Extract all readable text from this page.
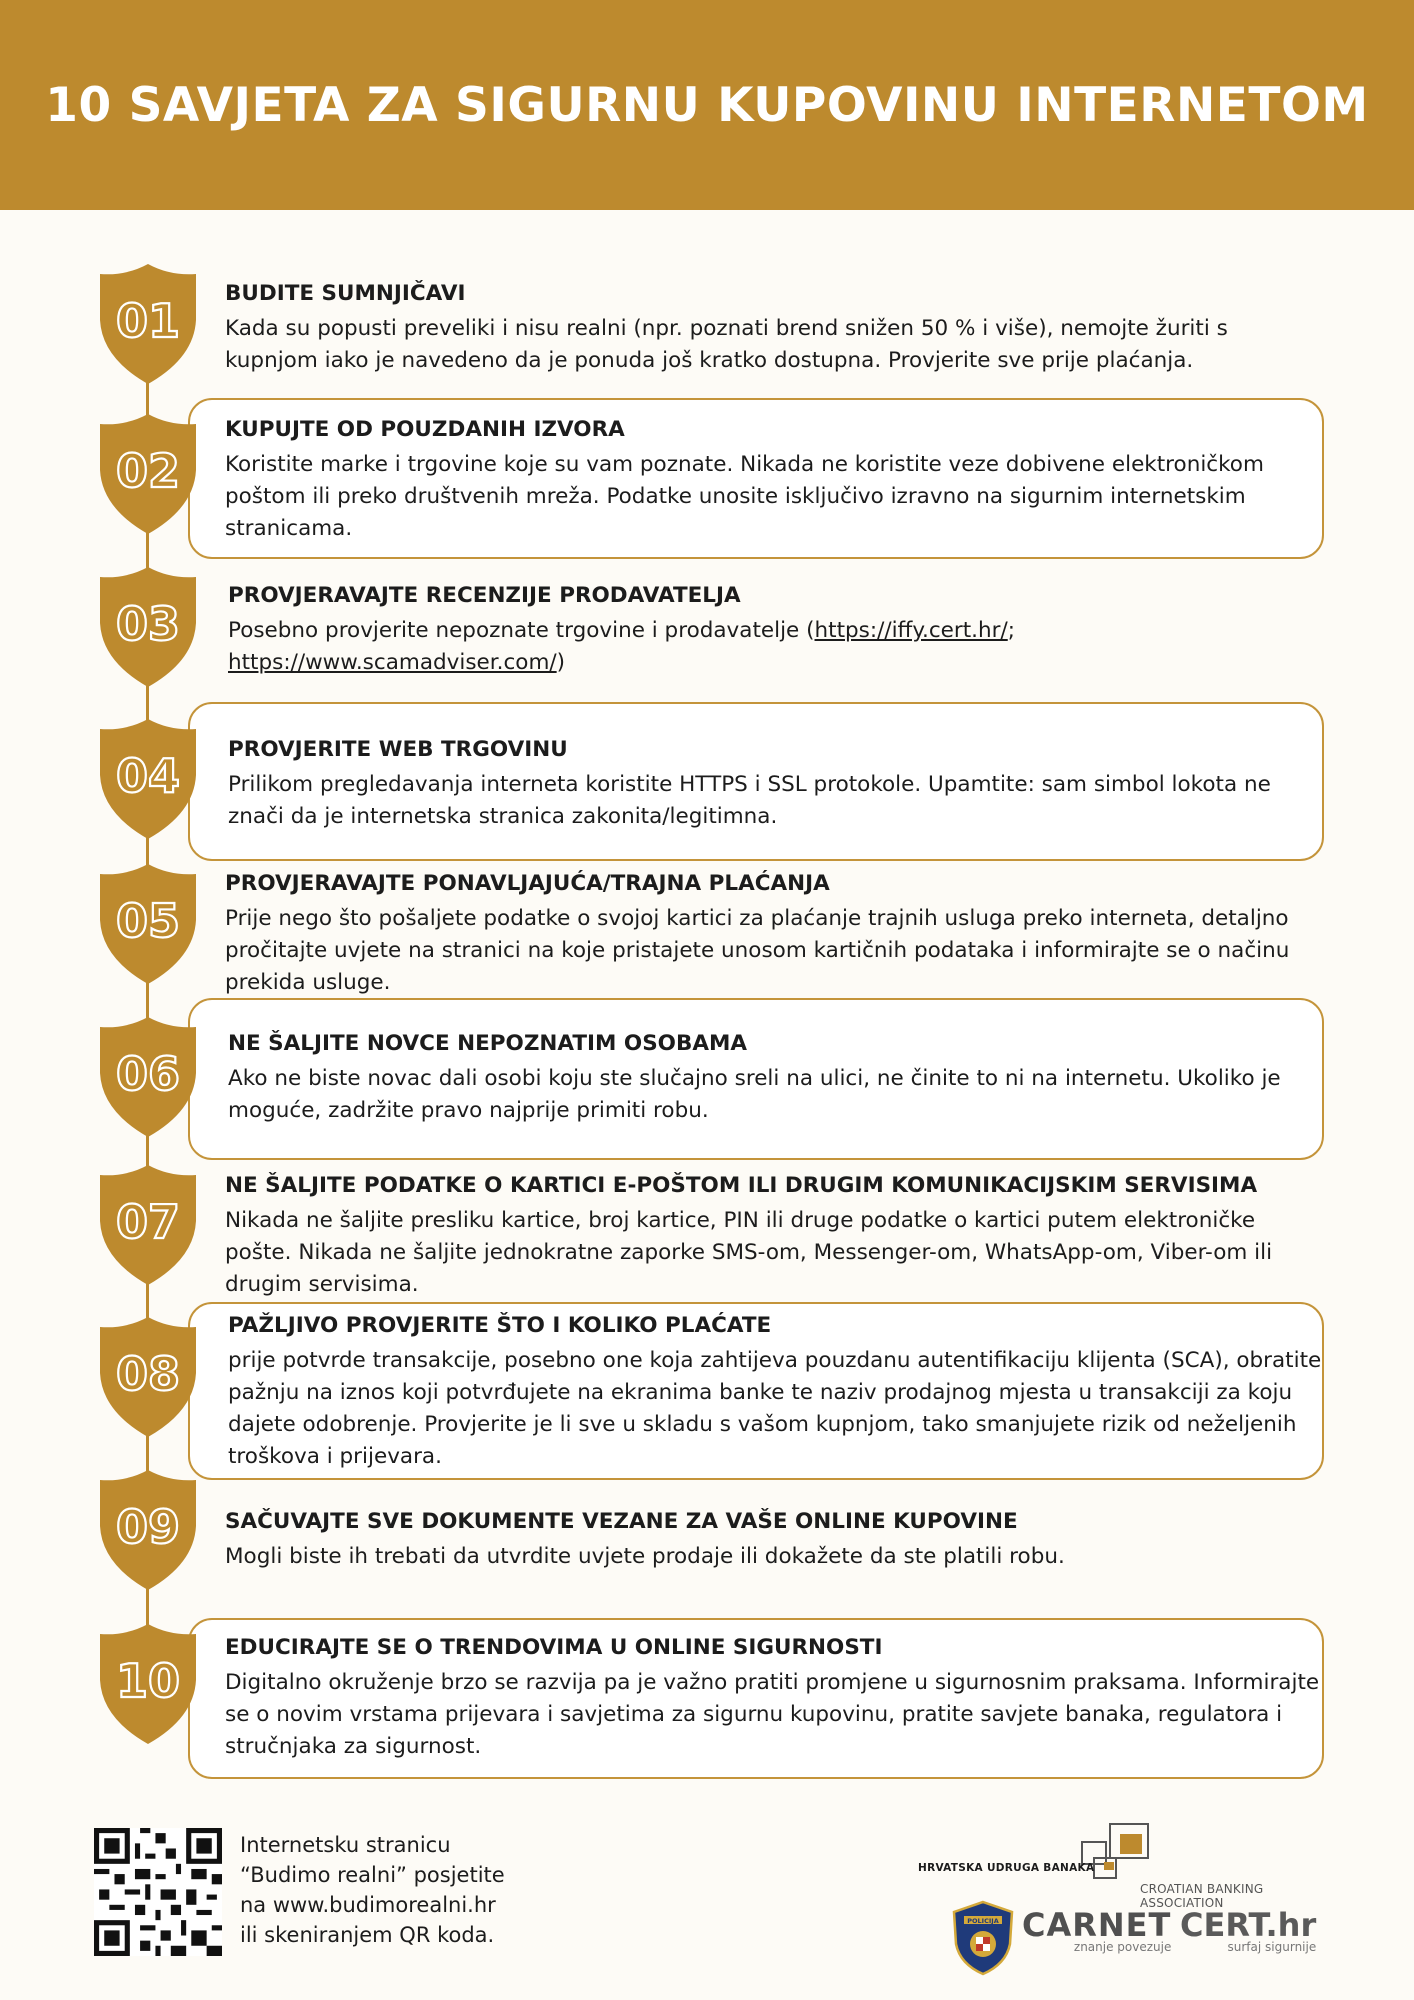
10 SAVJETA ZA SIGURNU KUPOVINU INTERNETOM
01
02
03
04
05
06
07
08
09
10

BUDITE SUMNJIČAVI

Kada su popusti preveliki i nisu realni (npr. poznati brend snižen 50 % i više), nemojte žuriti s kupnjom iako je navedeno da je ponuda još kratko dostupna. Provjerite sve prije plaćanja.

KUPUJTE OD POUZDANIH IZVORA

Koristite marke i trgovine koje su vam poznate. Nikada ne koristite veze dobivene elektroničkom poštom ili preko društvenih mreža. Podatke unosite isključivo izravno na sigurnim internetskim stranicama.

PROVJERAVAJTE RECENZIJE PRODAVATELJA

Posebno provjerite nepoznate trgovine i prodavatelje (https://iffy.cert.hr/;
https://www.scamadviser.com/)

PROVJERITE WEB TRGOVINU

Prilikom pregledavanja interneta koristite HTTPS i SSL protokole. Upamtite: sam simbol lokota ne znači da je internetska stranica zakonita/legitimna.

PROVJERAVAJTE PONAVLJAJUĆA/TRAJNA PLAĆANJA

Prije nego što pošaljete podatke o svojoj kartici za plaćanje trajnih usluga preko interneta, detaljno pročitajte uvjete na stranici na koje pristajete unosom kartičnih podataka i informirajte se o načinu prekida usluge.

NE ŠALJITE NOVCE NEPOZNATIM OSOBAMA

Ako ne biste novac dali osobi koju ste slučajno sreli na ulici, ne činite to ni na internetu. Ukoliko je moguće, zadržite pravo najprije primiti robu.

NE ŠALJITE PODATKE O KARTICI E-POŠTOM ILI DRUGIM KOMUNIKACIJSKIM SERVISIMA

Nikada ne šaljite presliku kartice, broj kartice, PIN ili druge podatke o kartici putem elektroničke pošte. Nikada ne šaljite jednokratne zaporke SMS-om, Messenger-om, WhatsApp-om, Viber-om ili drugim servisima.

PAŽLJIVO PROVJERITE ŠTO I KOLIKO PLAĆATE

prije potvrde transakcije, posebno one koja zahtijeva pouzdanu autentifikaciju klijenta (SCA), obratite pažnju na iznos koji potvrđujete na ekranima banke te naziv prodajnog mjesta u transakciji za koju dajete odobrenje. Provjerite je li sve u skladu s vašom kupnjom, tako smanjujete rizik od neželjenih troškova i prijevara.

SAČUVAJTE SVE DOKUMENTE VEZANE ZA VAŠE ONLINE KUPOVINE

Mogli biste ih trebati da utvrdite uvjete prodaje ili dokažete da ste platili robu.

EDUCIRAJTE SE O TRENDOVIMA U ONLINE SIGURNOSTI

Digitalno okruženje brzo se razvija pa je važno pratiti promjene u sigurnosnim praksama. Informirajte se o novim vrstama prijevara i savjetima za sigurnu kupovinu, pratite savjete banaka, regulatora i stručnjaka za sigurnost.

Internetsku stranicu
“Budimo realni” posjetite
na www.budimorealni.hr
ili skeniranjem QR koda.
HRVATSKA UDRUGA BANAKA
CROATIAN BANKING ASSOCIATION
POLICIJA CARNET
znanje povezuje
CERT.hr
surfaj sigurnije
